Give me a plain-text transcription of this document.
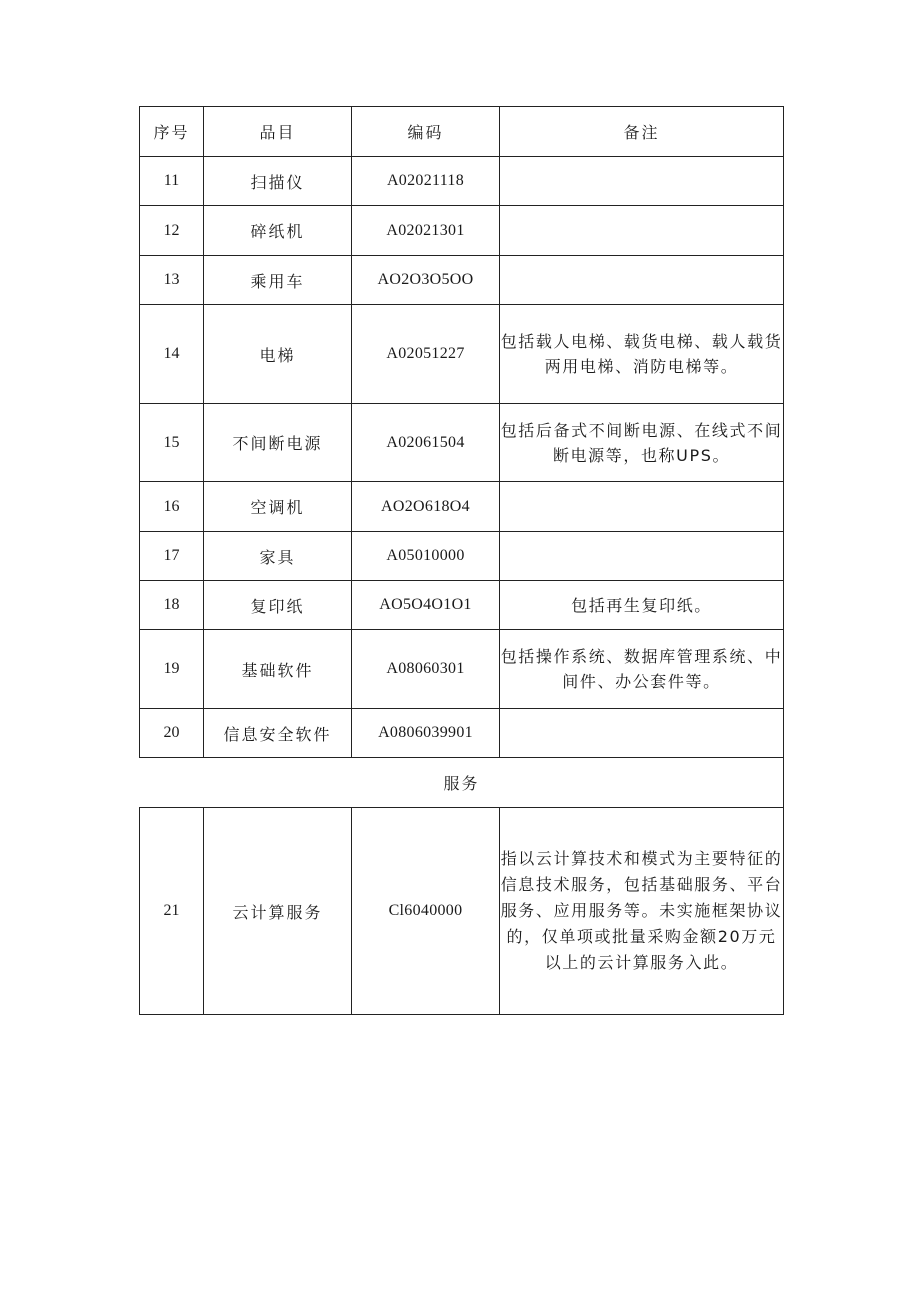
序号	品目	编码	备注
11	扫描仪	A02021118	
12	碎纸机	A02021301	
13	乘用车	AO2O3O5OO	
14	电梯	A02051227	包括载人电梯、载货电梯、载人载货两用电梯、消防电梯等。
15	不间断电源	A02061504	包括后备式不间断电源、在线式不间断电源等，也称UPS。
16	空调机	AO2O618O4	
17	家具	A05010000	
18	复印纸	AO5O4O1O1	包括再生复印纸。
19	基础软件	A08060301	包括操作系统、数据库管理系统、中间件、办公套件等。
20	信息安全软件	A0806039901	
服务			
21	云计算服务	Cl6040000	指以云计算技术和模式为主要特征的信息技术服务，包括基础服务、平台服务、应用服务等。未实施框架协议的，仅单项或批量采购金额20万元以上的云计算服务入此。
